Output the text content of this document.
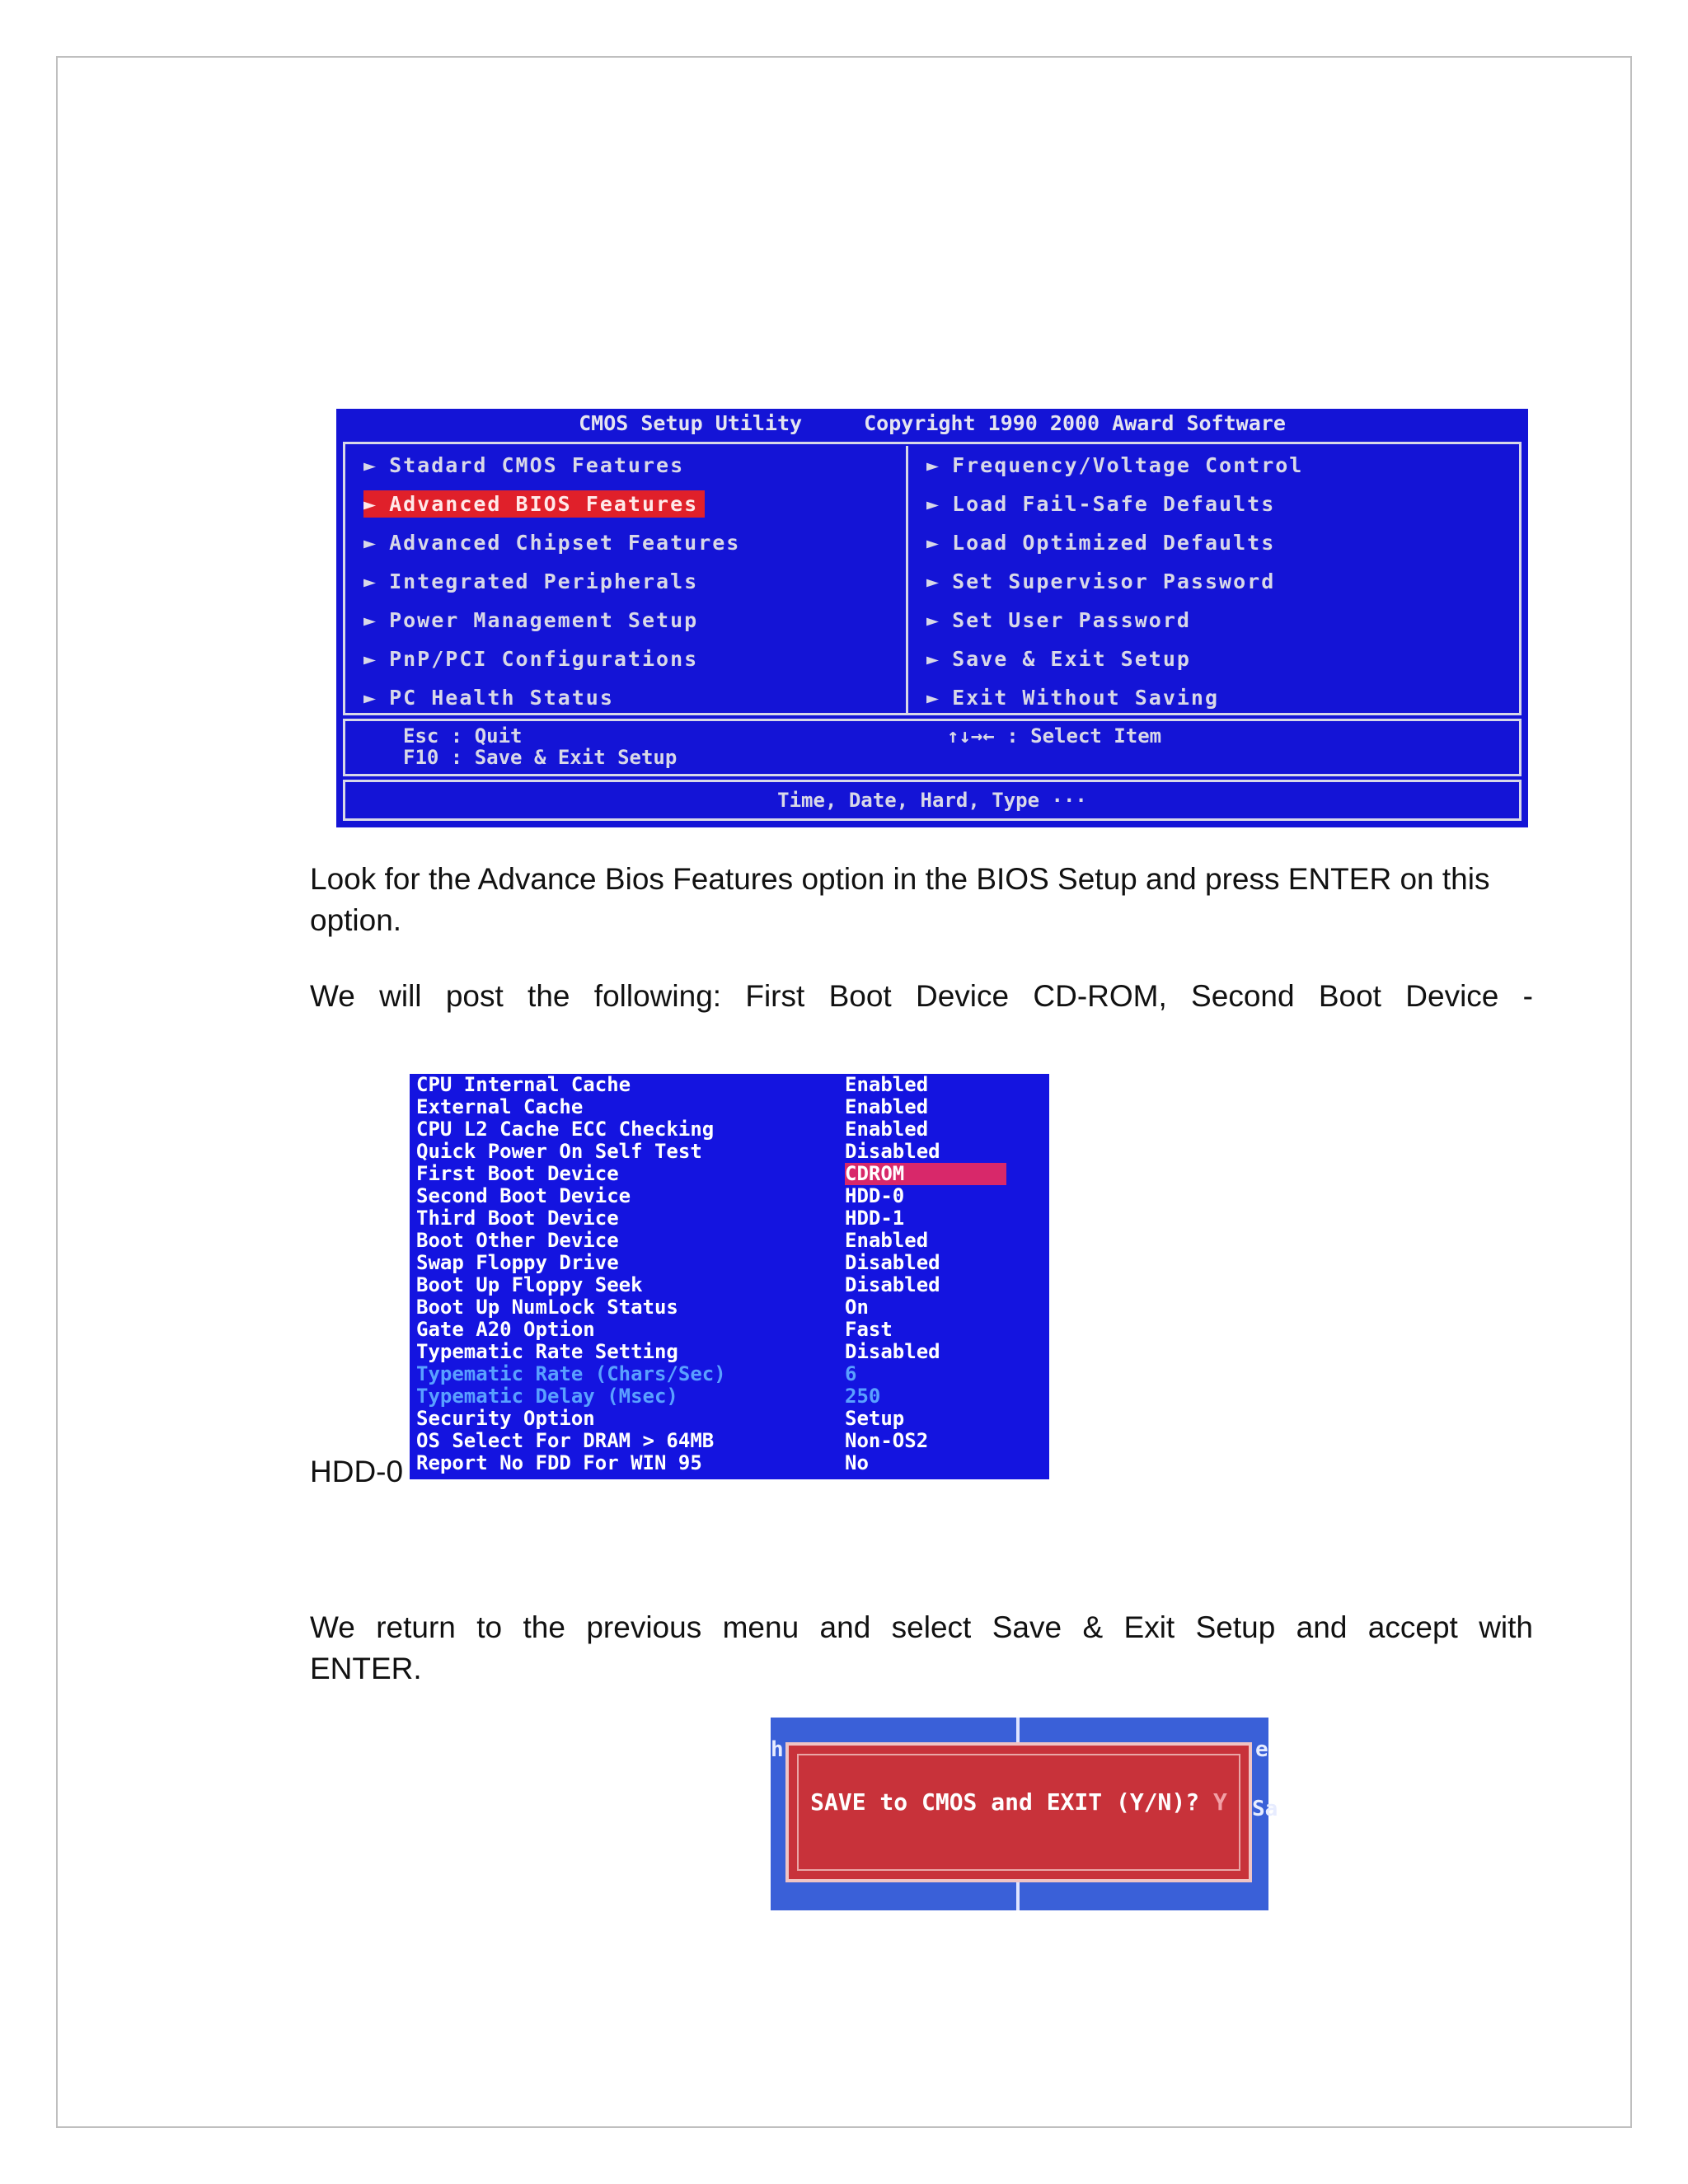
CMOS Setup Utility	Copyright 1990 2000 Award Software
► Stadard CMOS Features
► Advanced BIOS Features
► Advanced Chipset Features
► Integrated Peripherals
► Power Management Setup
► PnP/PCI Configurations
► PC Health Status
► Frequency/Voltage Control
► Load Fail-Safe Defaults
► Load Optimized Defaults
► Set Supervisor Password
► Set User Password
► Save & Exit Setup
► Exit Without Saving
Esc : Quit
F10 : Save & Exit Setup
↑↓→← : Select Item
Time, Date, Hard, Type ···

Look for the Advance Bios Features option in the BIOS Setup and press ENTER on this option.

We will post the following: First Boot Device CD-ROM, Second Boot Device -

CPU Internal Cache	Enabled
External Cache	Enabled
CPU L2 Cache ECC Checking	Enabled
Quick Power On Self Test	Disabled
First Boot Device	CDROM
Second Boot Device	HDD-0
Third Boot Device	HDD-1
Boot Other Device	Enabled
Swap Floppy Drive	Disabled
Boot Up Floppy Seek	Disabled
Boot Up NumLock Status	On
Gate A20 Option	Fast
Typematic Rate Setting	Disabled
Typematic Rate (Chars/Sec)	6
Typematic Delay (Msec)	250
Security Option	Setup
OS Select For DRAM > 64MB	Non-OS2
Report No FDD For WIN 95	No
HDD-0

We return to the previous menu and select Save & Exit Setup and accept with

ENTER.

h	e
Sa
SAVE to CMOS and EXIT (Y/N)? Y
